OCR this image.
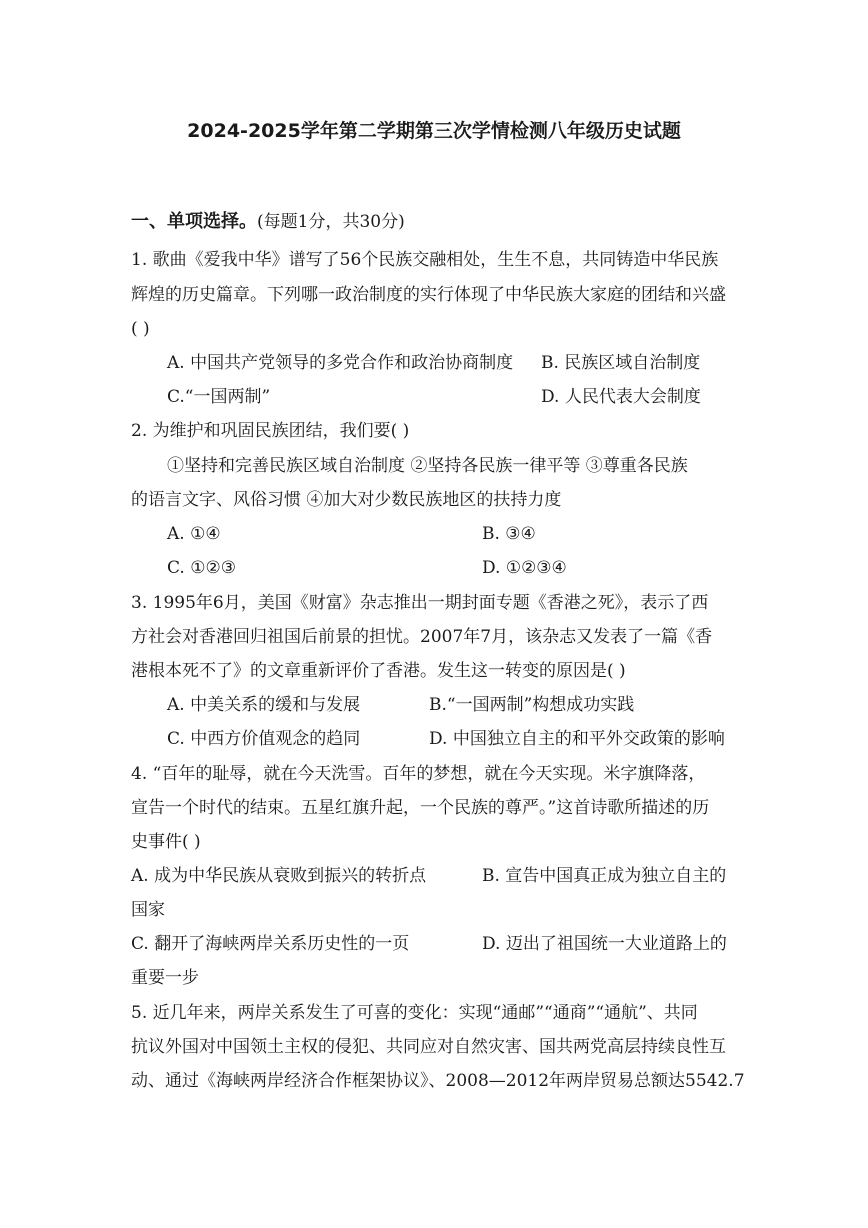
2024-2025学年第二学期第三次学情检测八年级历史试题
一、单项选择。(每题1分，共30分)
1. 歌曲《爱我中华》谱写了56个民族交融相处，生生不息，共同铸造中华民族
辉煌的历史篇章。下列哪一政治制度的实行体现了中华民族大家庭的团结和兴盛
( )
A. 中国共产党领导的多党合作和政治协商制度 B. 民族区域自治制度
C.“一国两制”	D. 人民代表大会制度
2. 为维护和巩固民族团结，我们要( )
①坚持和完善民族区域自治制度 ②坚持各民族一律平等 ③尊重各民族
的语言文字、风俗习惯 ④加大对少数民族地区的扶持力度
A. ①④	B. ③④
C. ①②③	D. ①②③④
3. 1995年6月，美国《财富》杂志推出一期封面专题《香港之死》，表示了西
方社会对香港回归祖国后前景的担忧。2007年7月，该杂志又发表了一篇《香
港根本死不了》的文章重新评价了香港。发生这一转变的原因是( )
A. 中美关系的缓和与发展	B.“一国两制”构想成功实践
C. 中西方价值观念的趋同	D. 中国独立自主的和平外交政策的影响
4. “百年的耻辱，就在今天洗雪。百年的梦想，就在今天实现。米字旗降落，
宣告一个时代的结束。五星红旗升起，一个民族的尊严。”这首诗歌所描述的历
史事件( )
A. 成为中华民族从衰败到振兴的转折点	B. 宣告中国真正成为独立自主的
国家
C. 翻开了海峡两岸关系历史性的一页	D. 迈出了祖国统一大业道路上的
重要一步
5. 近几年来，两岸关系发生了可喜的变化：实现“通邮”“通商”“通航”、共同
抗议外国对中国领土主权的侵犯、共同应对自然灾害、国共两党高层持续良性互
动、通过《海峡两岸经济合作框架协议》、2008—2012年两岸贸易总额达5542.7
